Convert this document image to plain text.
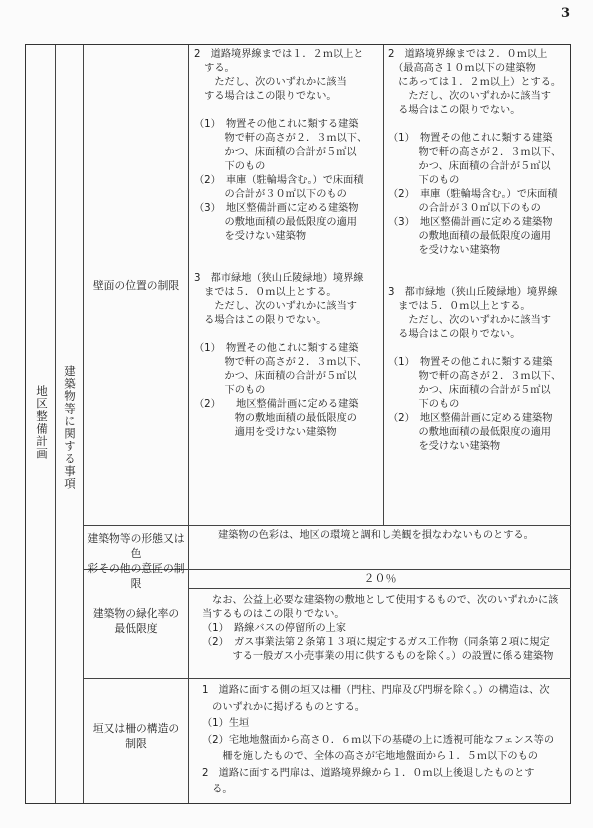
3
地区整備計画 建築物等に関する事項
壁面の位置の制限
2　道路境界線までは１．２ｍ以上と
　する。
　　ただし、次のいずれかに該当
　する場合はこの限りでない。

（1）　物置その他これに類する建築
　　　物で軒の高さが２．３ｍ以下、
　　　かつ、床面積の合計が５㎡以
　　　下のもの
（2）　車庫（駐輪場含む。）で床面積
　　　の合計が３０㎡以下のもの
（3）　地区整備計画に定める建築物
　　　の敷地面積の最低限度の適用
　　　を受けない建築物

3　都市緑地（狭山丘陵緑地）境界線
　までは５．０ｍ以上とする。
　　ただし、次のいずれかに該当す
　る場合はこの限りでない。

（1）　物置その他これに類する建築
　　　物で軒の高さが２．３ｍ以下、
　　　かつ、床面積の合計が５㎡以
　　　下のもの
（2）　　地区整備計画に定める建築
　　　　物の敷地面積の最低限度の
　　　　適用を受けない建築物
2　道路境界線までは２．０ｍ以上
　（最高高さ１０ｍ以下の建築物
　にあっては１．２ｍ以上）とする。
　　ただし、次のいずれかに該当す
　る場合はこの限りでない。

（1）　物置その他これに類する建築
　　　物で軒の高さが２．３ｍ以下、
　　　かつ、床面積の合計が５㎡以
　　　下のもの
（2）　車庫（駐輪場含む。）で床面積
　　　の合計が３０㎡以下のもの
（3）　地区整備計画に定める建築物
　　　の敷地面積の最低限度の適用
　　　を受けない建築物

3　都市緑地（狭山丘陵緑地）境界線
　までは５．０ｍ以上とする。
　　ただし、次のいずれかに該当す
　る場合はこの限りでない。

（1）　物置その他これに類する建築
　　　物で軒の高さが２．３ｍ以下、
　　　かつ、床面積の合計が５㎡以
　　　下のもの
（2）　地区整備計画に定める建築物
　　　の敷地面積の最低限度の適用
　　　を受けない建築物
建築物等の形態又は色
彩その他の意匠の制限
建築物の色彩は、地区の環境と調和し美観を損なわないものとする。
建築物の緑化率の
最低限度
２０％
　なお、公益上必要な建築物の敷地として使用するもので、次のいずれかに該
当するものはこの限りでない。
（1）　路線バスの停留所の上家
（2）　ガス事業法第２条第１３項に規定するガス工作物（同条第２項に規定
　　　する一般ガス小売事業の用に供するものを除く。）の設置に係る建築物
垣又は柵の構造の
制限
1　道路に面する側の垣又は柵（門柱、門扉及び門塀を除く。）の構造は、次
　のいずれかに掲げるものとする。
（1）生垣
（2）宅地地盤面から高さ０．６ｍ以下の基礎の上に透視可能なフェンス等の
　　柵を施したもので、全体の高さが宅地地盤面から１．５ｍ以下のもの
2　道路に面する門扉は、道路境界線から１．０ｍ以上後退したものとす
　る。
